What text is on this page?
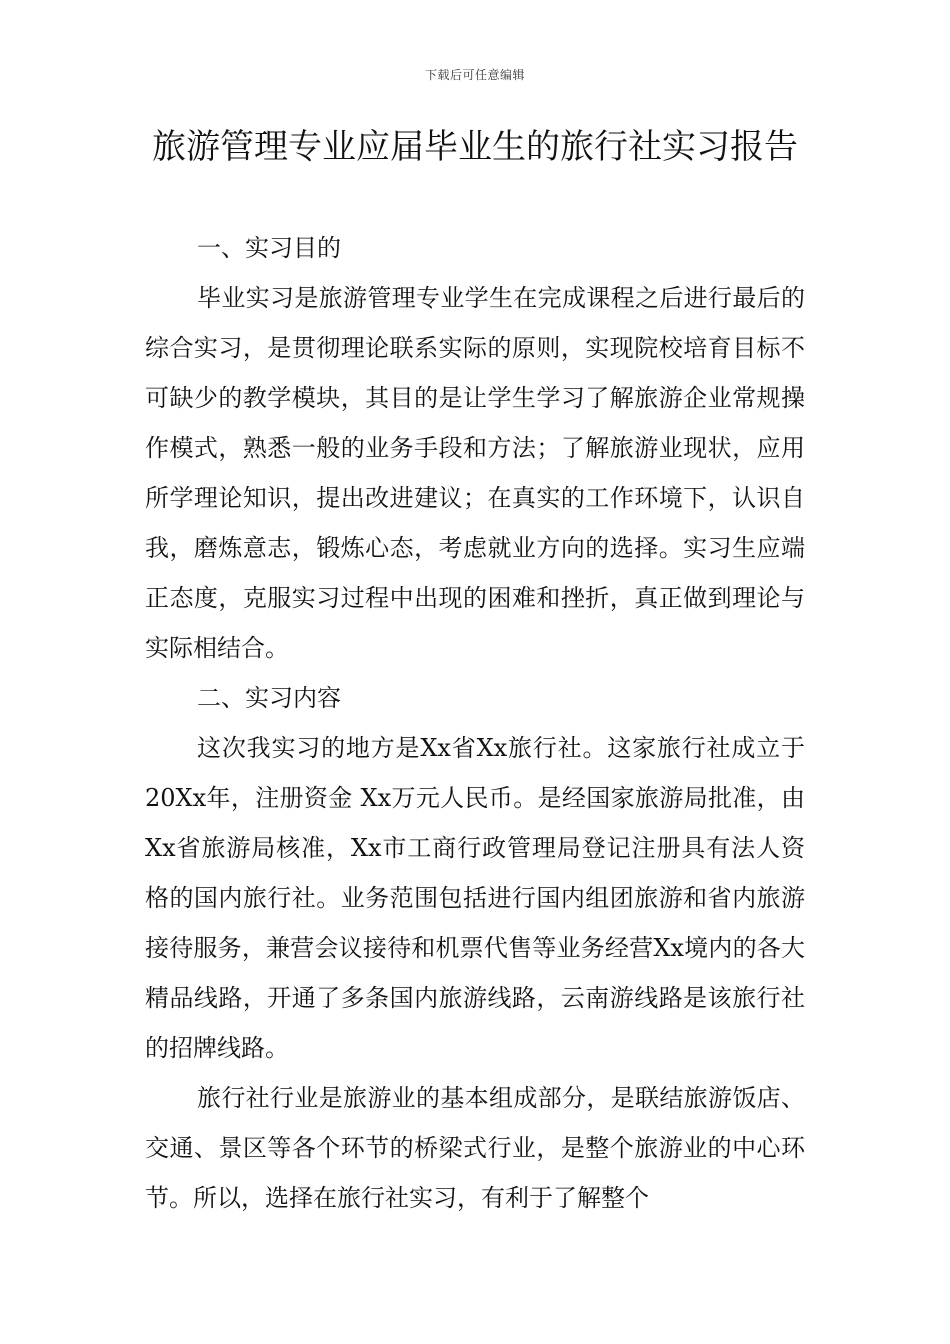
下载后可任意编辑
旅游管理专业应届毕业生的旅行社实习报告
一、实习目的

毕业实习是旅游管理专业学生在完成课程之后进行最后的综合实习，是贯彻理论联系实际的原则，实现院校培育目标不可缺少的教学模块，其目的是让学生学习了解旅游企业常规操作模式，熟悉一般的业务手段和方法；了解旅游业现状，应用所学理论知识，提出改进建议；在真实的工作环境下，认识自我，磨炼意志，锻炼心态，考虑就业方向的选择。实习生应端正态度，克服实习过程中出现的困难和挫折，真正做到理论与实际相结合。

二、实习内容

这次我实习的地方是Xx省Xx旅行社。这家旅行社成立于20Xx年，注册资金 Xx万元人民币。是经国家旅游局批准，由Xx省旅游局核准，Xx市工商行政管理局登记注册具有法人资格的国内旅行社。业务范围包括进行国内组团旅游和省内旅游接待服务，兼营会议接待和机票代售等业务经营Xx境内的各大精品线路，开通了多条国内旅游线路，云南游线路是该旅行社的招牌线路。

旅行社行业是旅游业的基本组成部分，是联结旅游饭店、交通、景区等各个环节的桥梁式行业，是整个旅游业的中心环节。所以，选择在旅行社实习，有利于了解整个
